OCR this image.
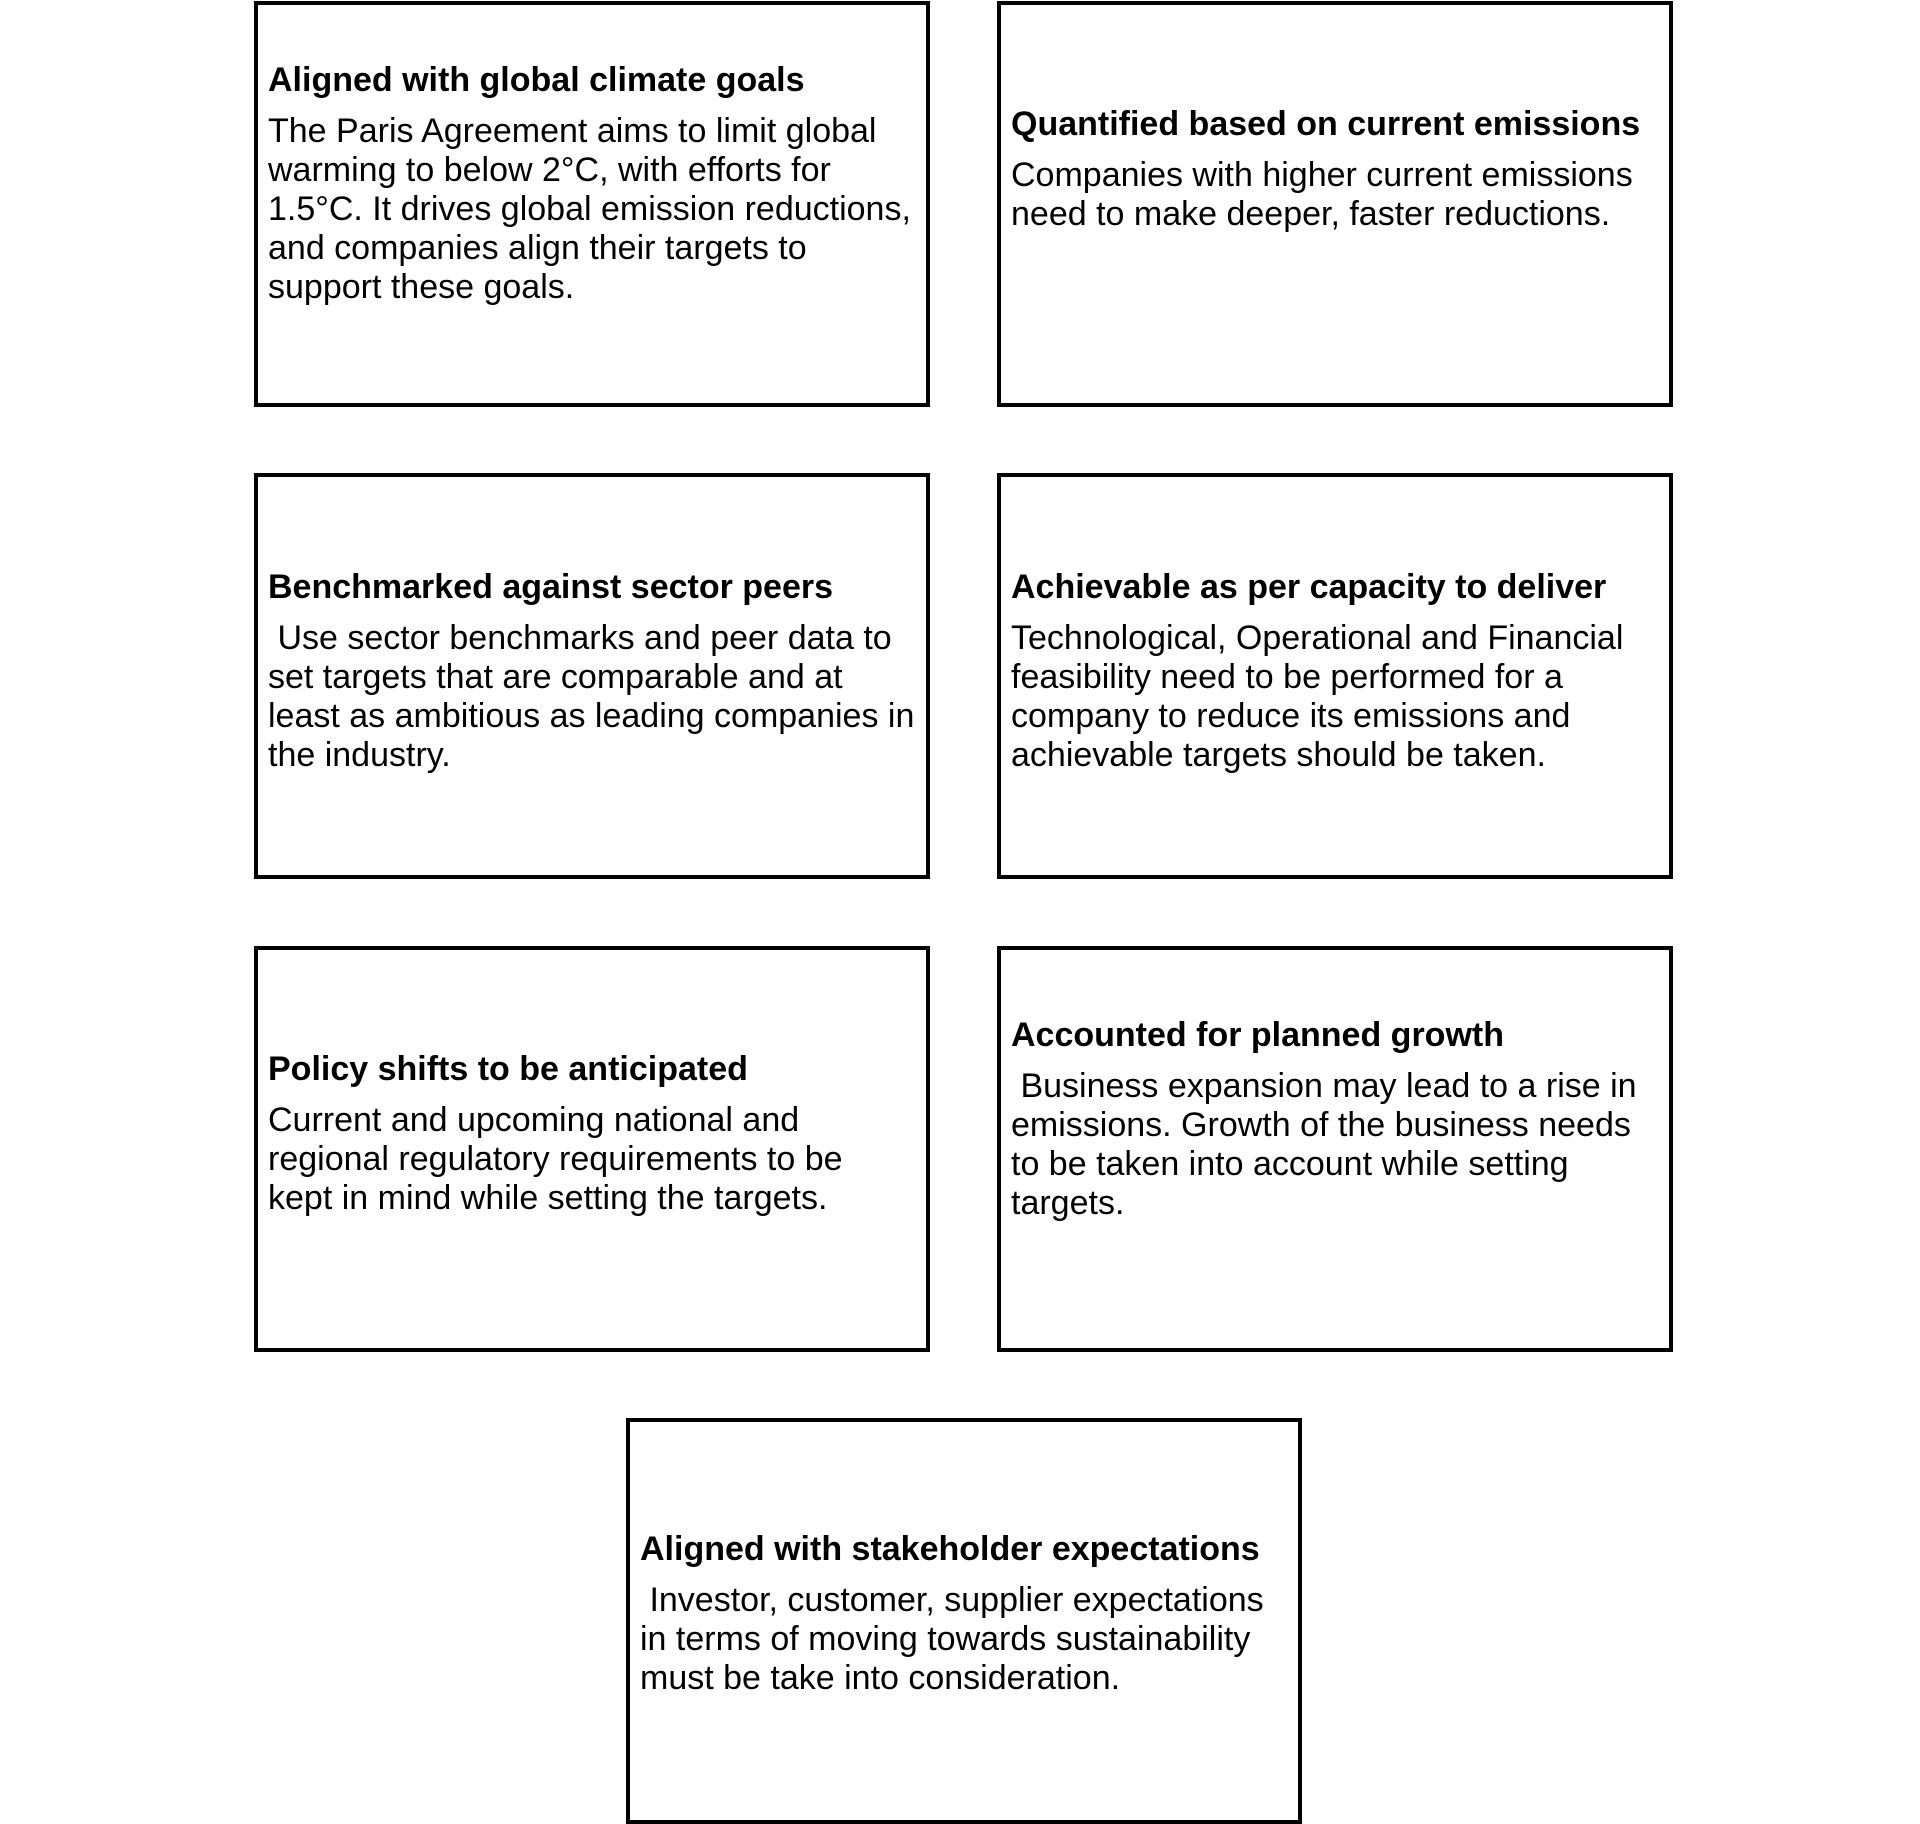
Aligned with global climate goals

The Paris Agreement aims to limit global warming to below 2°C, with efforts for 1.5°C. It drives global emission reductions, and companies align their targets to support these goals.

Quantified based on current emissions

Companies with higher current emissions need to make deeper, faster reductions.

Benchmarked against sector peers

Use sector benchmarks and peer data to set targets that are comparable and at least as ambitious as leading companies in the industry.

Achievable as per capacity to deliver

Technological, Operational and Financial feasibility need to be performed for a company to reduce its emissions and achievable targets should be taken.

Policy shifts to be anticipated

Current and upcoming national and regional regulatory requirements to be kept in mind while setting the targets.

Accounted for planned growth

Business expansion may lead to a rise in emissions. Growth of the business needs to be taken into account while setting targets.

Aligned with stakeholder expectations

Investor, customer, supplier expectations in terms of moving towards sustainability must be take into consideration.
